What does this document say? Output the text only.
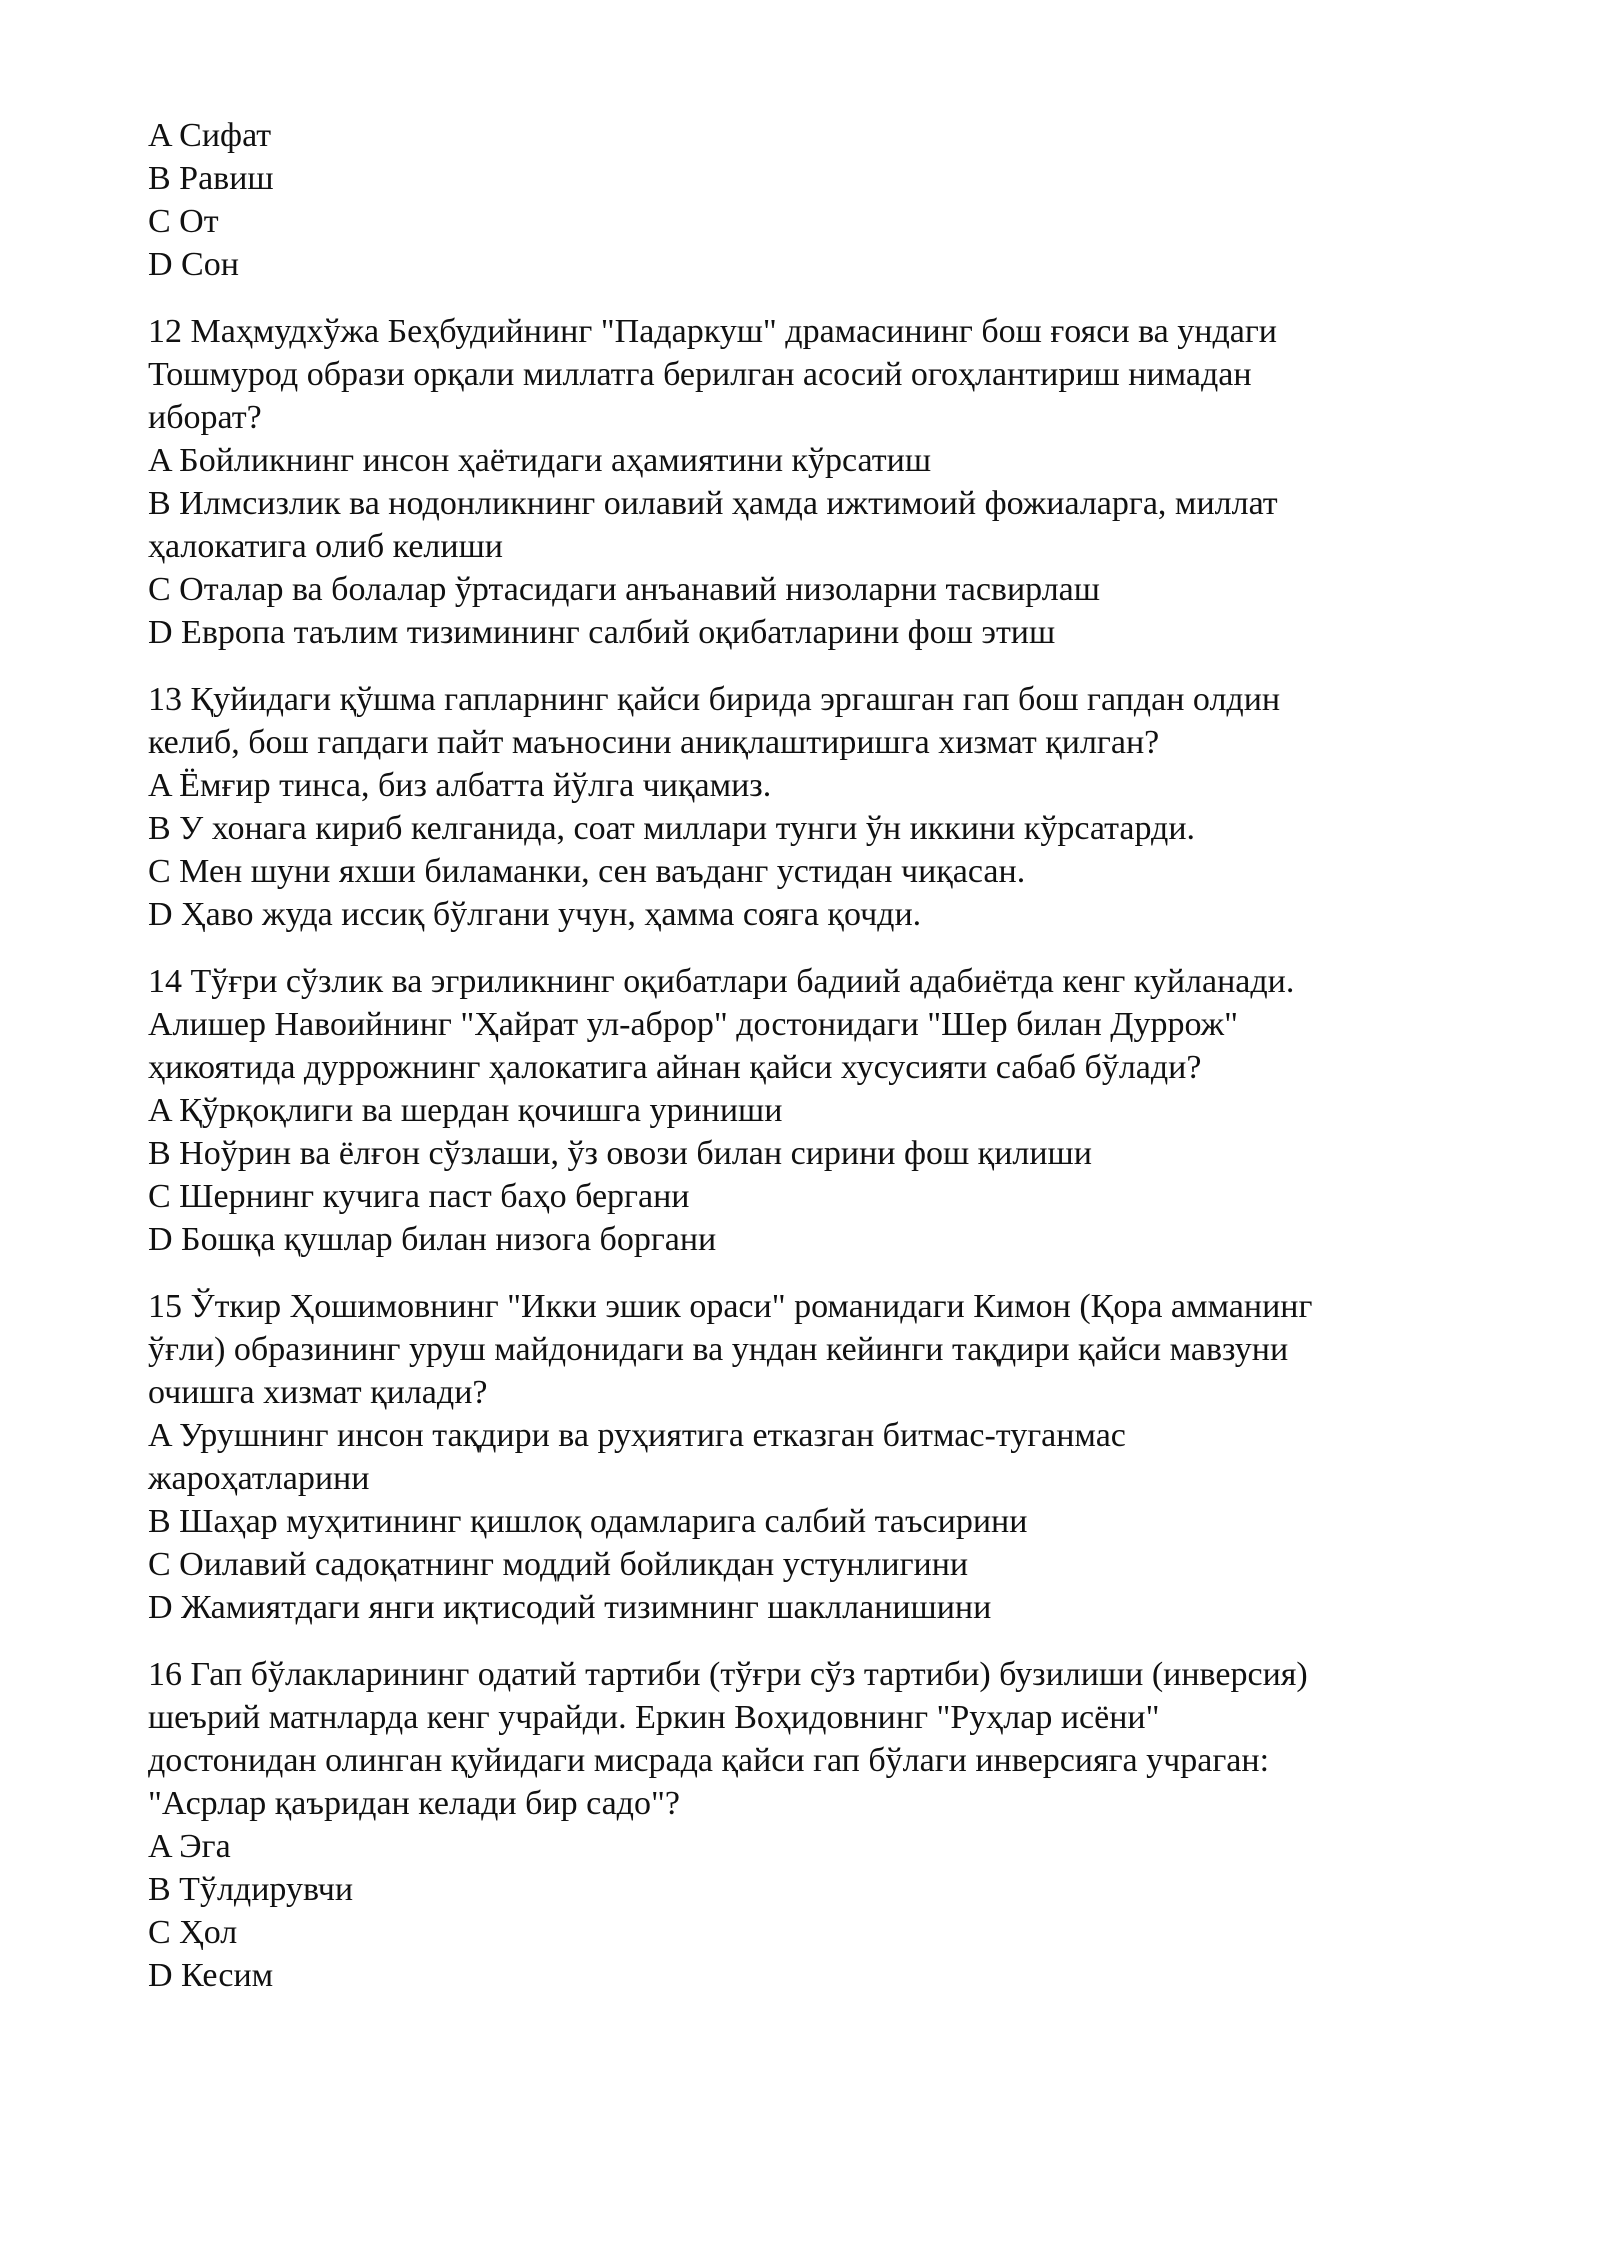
A Сифат
B Равиш
C От
D Сон
12 Маҳмудхўжа Беҳбудийнинг "Падаркуш" драмасининг бош ғояси ва ундаги
Тошмурод образи орқали миллатга берилган асосий огоҳлантириш нимадан
иборат?
A Бойликнинг инсон ҳаётидаги аҳамиятини кўрсатиш
B Илмсизлик ва нодонликнинг оилавий ҳамда ижтимоий фожиаларга, миллат
ҳалокатига олиб келиши
C Оталар ва болалар ўртасидаги анъанавий низоларни тасвирлаш
D Европа таълим тизимининг салбий оқибатларини фош этиш
13 Қуйидаги қўшма гапларнинг қайси бирида эргашган гап бош гапдан олдин
келиб, бош гапдаги пайт маъносини аниқлаштиришга хизмат қилган?
A Ёмғир тинса, биз албатта йўлга чиқамиз.
B У хонага кириб келганида, соат миллари тунги ўн иккини кўрсатарди.
C Мен шуни яхши биламанки, сен ваъданг устидан чиқасан.
D Ҳаво жуда иссиқ бўлгани учун, ҳамма сояга қочди.
14 Тўғри сўзлик ва эгриликнинг оқибатлари бадиий адабиётда кенг куйланади.
Алишер Навоийнинг "Ҳайрат ул-аброр" достонидаги "Шер билан Дуррож"
ҳикоятида дуррожнинг ҳалокатига айнан қайси хусусияти сабаб бўлади?
A Қўрқоқлиги ва шердан қочишга уриниши
B Ноўрин ва ёлғон сўзлаши, ўз овози билан сирини фош қилиши
C Шернинг кучига паст баҳо бергани
D Бошқа қушлар билан низога боргани
15 Ўткир Ҳошимовнинг "Икки эшик ораси" романидаги Кимон (Қора амманинг
ўғли) образининг уруш майдонидаги ва ундан кейинги тақдири қайси мавзуни
очишга хизмат қилади?
A Урушнинг инсон тақдири ва руҳиятига етказган битмас-туганмас
жароҳатларини
B Шаҳар муҳитининг қишлоқ одамларига салбий таъсирини
C Оилавий садоқатнинг моддий бойликдан устунлигини
D Жамиятдаги янги иқтисодий тизимнинг шаклланишини
16 Гап бўлакларининг одатий тартиби (тўғри сўз тартиби) бузилиши (инверсия)
шеърий матнларда кенг учрайди. Еркин Воҳидовнинг "Руҳлар исёни"
достонидан олинган қуйидаги мисрада қайси гап бўлаги инверсияга учраган:
"Асрлар қаъридан келади бир садо"?
A Эга
B Тўлдирувчи
C Ҳол
D Кесим
